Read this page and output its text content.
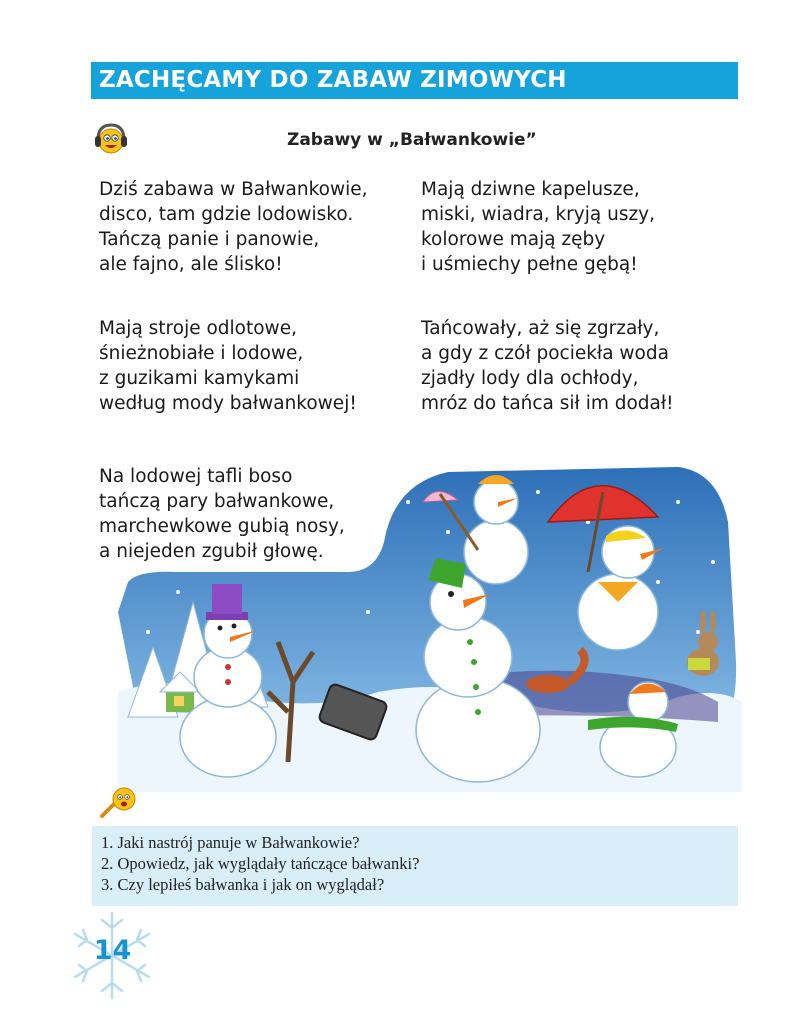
ZACHĘCAMY DO ZABAW ZIMOWYCH
Zabawy w „Bałwankowie”
Dziś zabawa w Bałwankowie,
disco, tam gdzie lodowisko.
Tańczą panie i panowie,
ale fajno, ale ślisko!
Mają dziwne kapelusze,
miski, wiadra, kryją uszy,
kolorowe mają zęby
i uśmiechy pełne gębą!
Mają stroje odlotowe,
śnieżnobiałe i lodowe,
z guzikami kamykami
według mody bałwankowej!
Tańcowały, aż się zgrzały,
a gdy z czół pociekła woda
zjadły lody dla ochłody,
mróz do tańca sił im dodał!
Na lodowej tafli boso
tańczą pary bałwankowe,
marchewkowe gubią nosy,
a niejeden zgubił głowę.
1. Jaki nastrój panuje w Bałwankowie?
2. Opowiedz, jak wyglądały tańczące bałwanki?
3. Czy lepiłeś bałwanka i jak on wyglądał?
14
